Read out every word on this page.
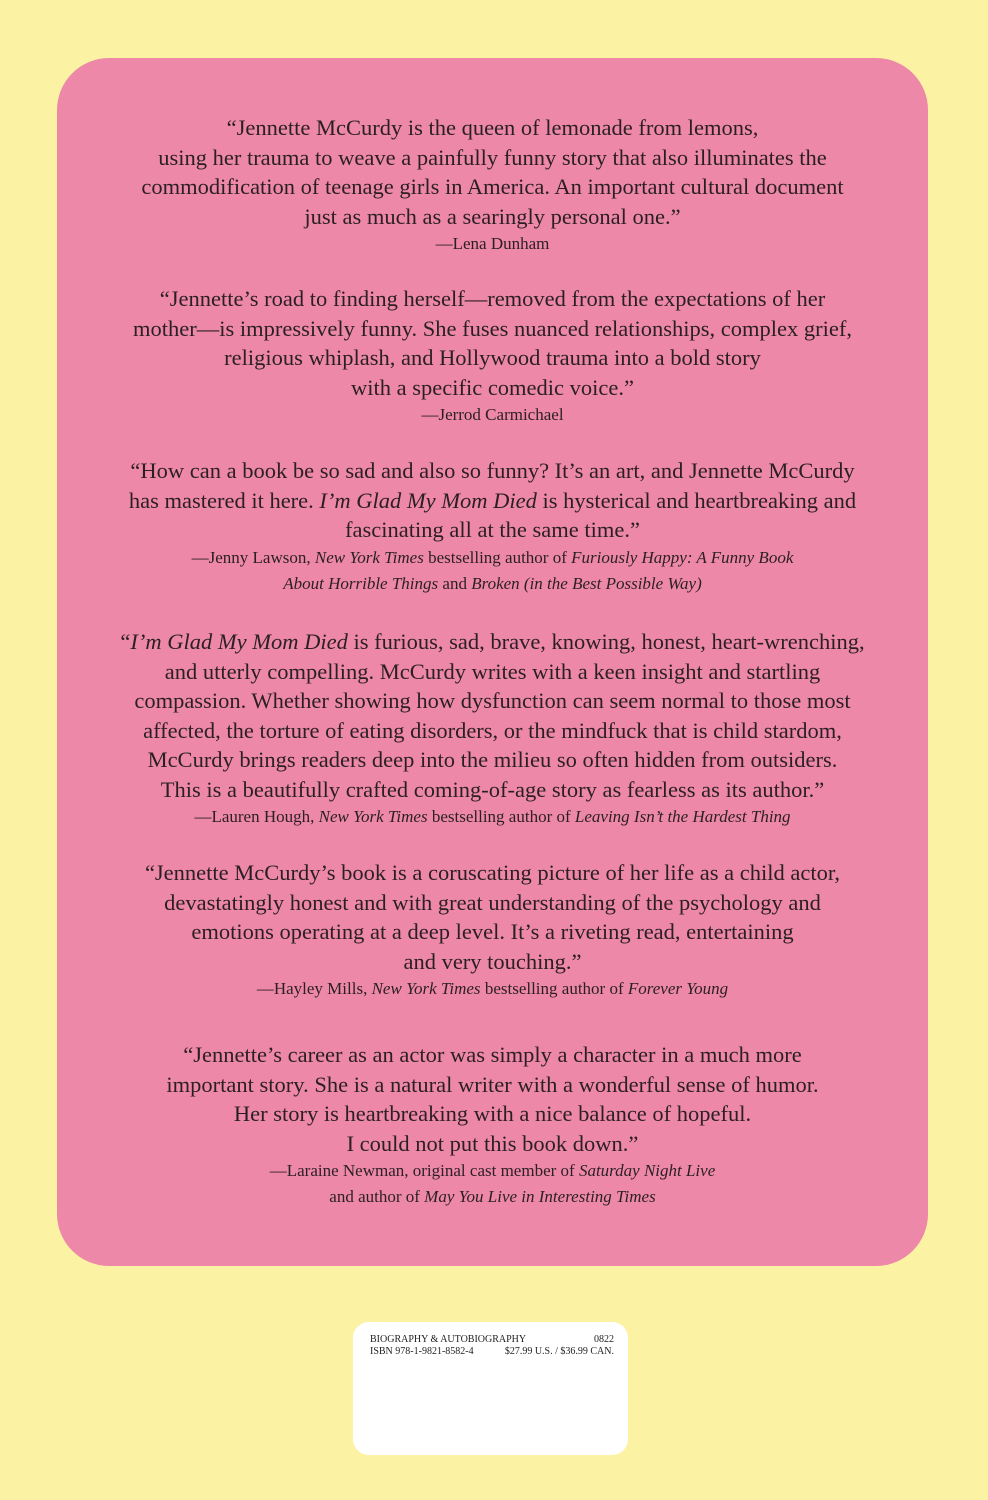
“Jennette McCurdy is the queen of lemonade from lemons,
using her trauma to weave a painfully funny story that also illuminates the
commodification of teenage girls in America. An important cultural document
just as much as a searingly personal one.”

—Lena Dunham

“Jennette’s road to finding herself—removed from the expectations of her
mother—is impressively funny. She fuses nuanced relationships, complex grief,
religious whiplash, and Hollywood trauma into a bold story
with a specific comedic voice.”

—Jerrod Carmichael

“How can a book be so sad and also so funny? It’s an art, and Jennette McCurdy
has mastered it here. I’m Glad My Mom Died is hysterical and heartbreaking and
fascinating all at the same time.”

—Jenny Lawson, New York Times bestselling author of Furiously Happy: A Funny Book
About Horrible Things and Broken (in the Best Possible Way)

“I’m Glad My Mom Died is furious, sad, brave, knowing, honest, heart-wrenching,
and utterly compelling. McCurdy writes with a keen insight and startling
compassion. Whether showing how dysfunction can seem normal to those most
affected, the torture of eating disorders, or the mindfuck that is child stardom,
McCurdy brings readers deep into the milieu so often hidden from outsiders.
This is a beautifully crafted coming-of-age story as fearless as its author.”

—Lauren Hough, New York Times bestselling author of Leaving Isn’t the Hardest Thing

“Jennette McCurdy’s book is a coruscating picture of her life as a child actor,
devastatingly honest and with great understanding of the psychology and
emotions operating at a deep level. It’s a riveting read, entertaining
and very touching.”

—Hayley Mills, New York Times bestselling author of Forever Young

“Jennette’s career as an actor was simply a character in a much more
important story. She is a natural writer with a wonderful sense of humor.
Her story is heartbreaking with a nice balance of hopeful.
I could not put this book down.”

—Laraine Newman, original cast member of Saturday Night Live
and author of May You Live in Interesting Times

BIOGRAPHY & AUTOBIOGRAPHY	0822
ISBN 978-1-9821-8582-4	$27.99 U.S. / $36.99 CAN.
